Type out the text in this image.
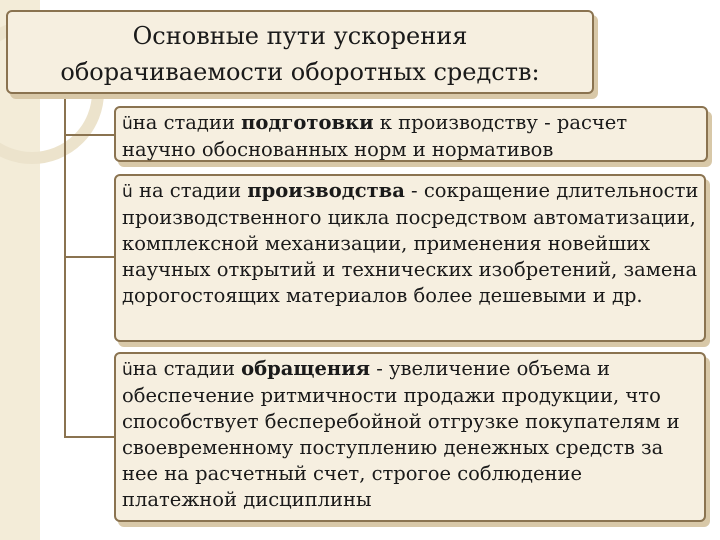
Основные пути ускорения
оборачиваемости оборотных средств:
üна стадии подготовки к производству - расчет научно обоснованных норм и нормативов
ü на стадии производства - сокращение длительности производственного цикла посредством автоматизации, комплексной механизации, применения новейших научных открытий и технических изобретений, замена дорогостоящих материалов более дешевыми и др.
üна стадии обращения - увеличение объема и обеспечение ритмичности продажи продукции, что способствует бесперебойной отгрузке покупателям и своевременному поступлению денежных средств за нее на расчетный счет, строгое соблюдение платежной дисциплины
